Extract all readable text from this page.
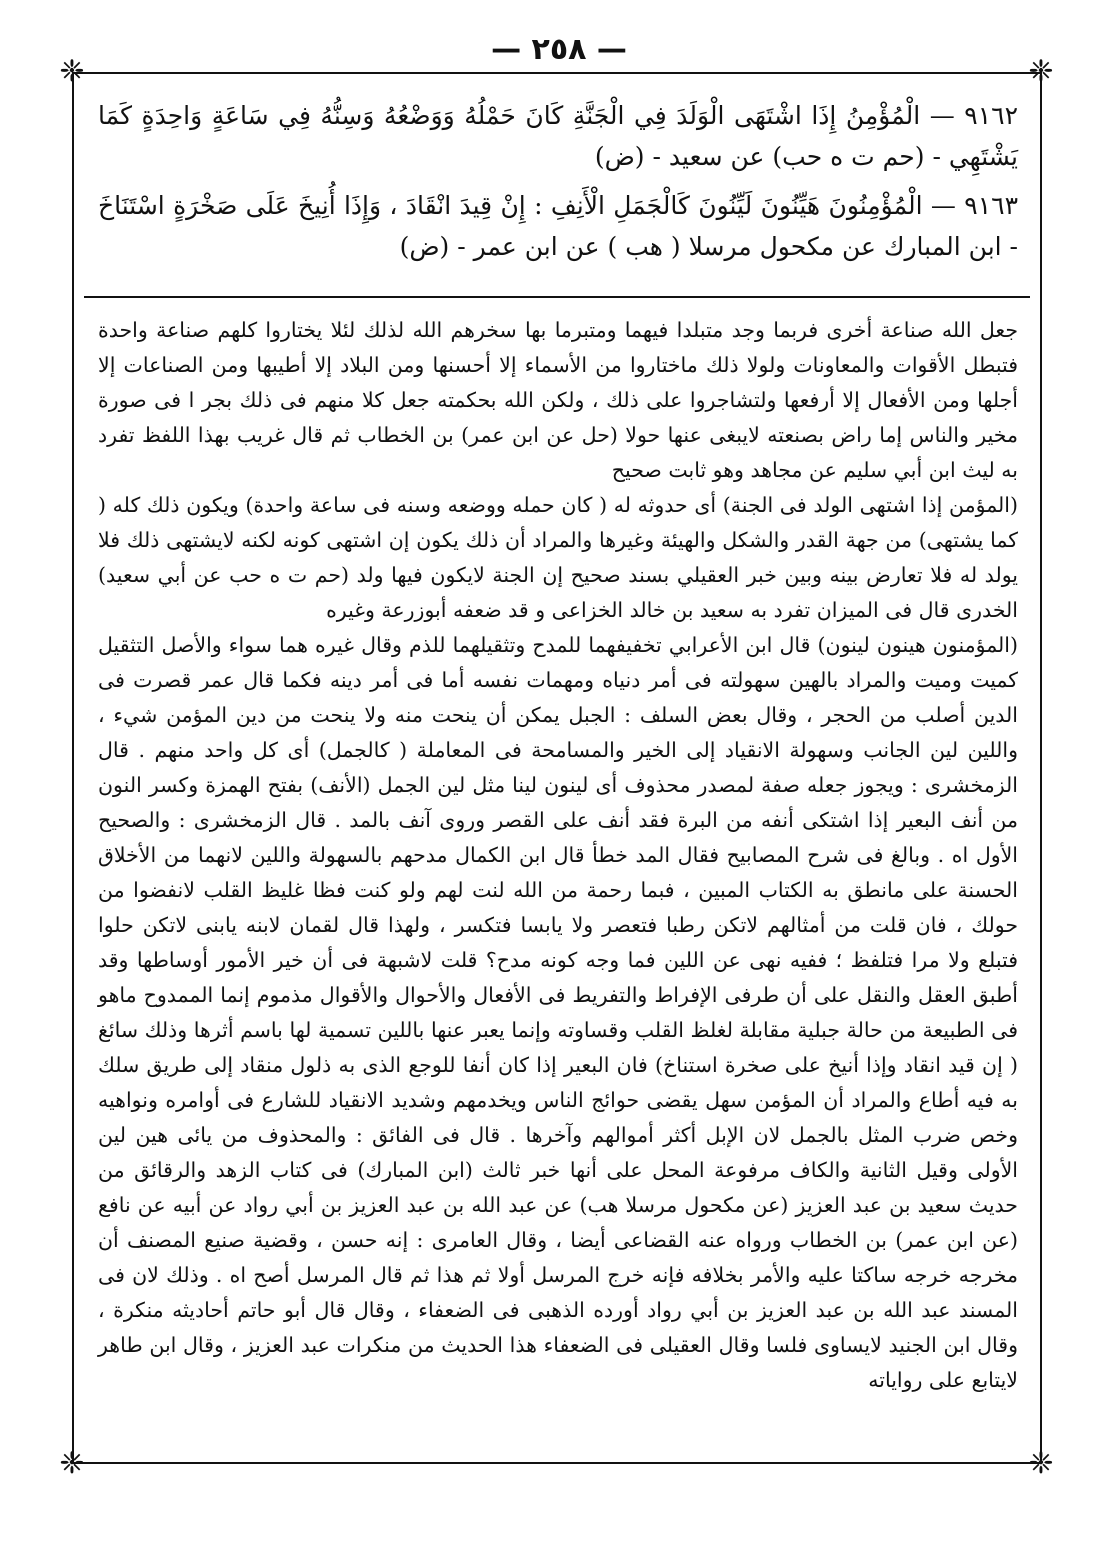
— ٢٥٨ —
❈	❈
❈	❈

٩١٦٢ — الْمُؤْمِنُ إِذَا اشْتَهَى الْوَلَدَ فِي الْجَنَّةِ كَانَ حَمْلُهُ وَوَضْعُهُ وَسِنُّهُ فِي سَاعَةٍ وَاحِدَةٍ كَمَا يَشْتَهِي - (حم ت ه حب) عن سعيد - (ض)

٩١٦٣ — الْمُؤْمِنُونَ هَيِّنُونَ لَيِّنُونَ كَالْجَمَلِ الْأَنِفِ : إِنْ قِيدَ انْقَادَ ، وَإِذَا أُنِيخَ عَلَى صَخْرَةٍ اسْتَنَاخَ - ابن المبارك عن مكحول مرسلا ( هب ) عن ابن عمر - (ض)

جعل الله صناعة أخرى فربما وجد متبلدا فيهما ومتبرما بها سخرهم الله لذلك لئلا يختاروا كلهم صناعة واحدة فتبطل الأقوات والمعاونات ولولا ذلك ماختاروا من الأسماء إلا أحسنها ومن البلاد إلا أطيبها ومن الصناعات إلا أجلها ومن الأفعال إلا أرفعها ولتشاجروا على ذلك ، ولكن الله بحكمته جعل كلا منهم فى ذلك بجر ا فى صورة مخير والناس إما راض بصنعته لايبغى عنها حولا (حل عن ابن عمر) بن الخطاب ثم قال غريب بهذا اللفظ تفرد به ليث ابن أبي سليم عن مجاهد وهو ثابت صحيح

(المؤمن إذا اشتهى الولد فى الجنة) أى حدوثه له ( كان حمله ووضعه وسنه فى ساعة واحدة) ويكون ذلك كله ( كما يشتهى) من جهة القدر والشكل والهيئة وغيرها والمراد أن ذلك يكون إن اشتهى كونه لكنه لايشتهى ذلك فلا يولد له فلا تعارض بينه وبين خبر العقيلي بسند صحيح إن الجنة لايكون فيها ولد (حم ت ه حب عن أبي سعيد) الخدرى قال فى الميزان تفرد به سعيد بن خالد الخزاعى و قد ضعفه أبوزرعة وغيره

(المؤمنون هينون لينون) قال ابن الأعرابي تخفيفهما للمدح وتثقيلهما للذم وقال غيره هما سواء والأصل التثقيل كميت وميت والمراد بالهين سهولته فى أمر دنياه ومهمات نفسه أما فى أمر دينه فكما قال عمر قصرت فى الدين أصلب من الحجر ، وقال بعض السلف : الجبل يمكن أن ينحت منه ولا ينحت من دين المؤمن شيء ، واللين لين الجانب وسهولة الانقياد إلى الخير والمسامحة فى المعاملة ( كالجمل) أى كل واحد منهم . قال الزمخشرى : ويجوز جعله صفة لمصدر محذوف أى لينون لينا مثل لين الجمل (الأنف) بفتح الهمزة وكسر النون من أنف البعير إذا اشتكى أنفه من البرة فقد أنف على القصر وروى آنف بالمد . قال الزمخشرى : والصحيح الأول اه . وبالغ فى شرح المصابيح فقال المد خطأ قال ابن الكمال مدحهم بالسهولة واللين لانهما من الأخلاق الحسنة على مانطق به الكتاب المبين ، فبما رحمة من الله لنت لهم ولو كنت فظا غليظ القلب لانفضوا من حولك ، فان قلت من أمثالهم لاتكن رطبا فتعصر ولا يابسا فتكسر ، ولهذا قال لقمان لابنه يابنى لاتكن حلوا فتبلع ولا مرا فتلفظ ؛ ففيه نهى عن اللين فما وجه كونه مدح؟ قلت لاشبهة فى أن خير الأمور أوساطها وقد أطبق العقل والنقل على أن طرفى الإفراط والتفريط فى الأفعال والأحوال والأقوال مذموم إنما الممدوح ماهو فى الطبيعة من حالة جبلية مقابلة لغلظ القلب وقساوته وإنما يعبر عنها باللين تسمية لها باسم أثرها وذلك سائغ ( إن قيد انقاد وإذا أنيخ على صخرة استناخ) فان البعير إذا كان أنفا للوجع الذى به ذلول منقاد إلى طريق سلك به فيه أطاع والمراد أن المؤمن سهل يقضى حوائج الناس ويخدمهم وشديد الانقياد للشارع فى أوامره ونواهيه وخص ضرب المثل بالجمل لان الإبل أكثر أموالهم وآخرها . قال فى الفائق : والمحذوف من يائى هين لين الأولى وقيل الثانية والكاف مرفوعة المحل على أنها خبر ثالث (ابن المبارك) فى كتاب الزهد والرقائق من حديث سعيد بن عبد العزيز (عن مكحول مرسلا هب) عن عبد الله بن عبد العزيز بن أبي رواد عن أبيه عن نافع (عن ابن عمر) بن الخطاب ورواه عنه القضاعى أيضا ، وقال العامرى : إنه حسن ، وقضية صنيع المصنف أن مخرجه خرجه ساكتا عليه والأمر بخلافه فإنه خرج المرسل أولا ثم هذا ثم قال المرسل أصح اه . وذلك لان فى المسند عبد الله بن عبد العزيز بن أبي رواد أورده الذهبى فى الضعفاء ، وقال قال أبو حاتم أحاديثه منكرة ، وقال ابن الجنيد لايساوى فلسا وقال العقيلى فى الضعفاء هذا الحديث من منكرات عبد العزيز ، وقال ابن طاهر لايتابع على رواياته
